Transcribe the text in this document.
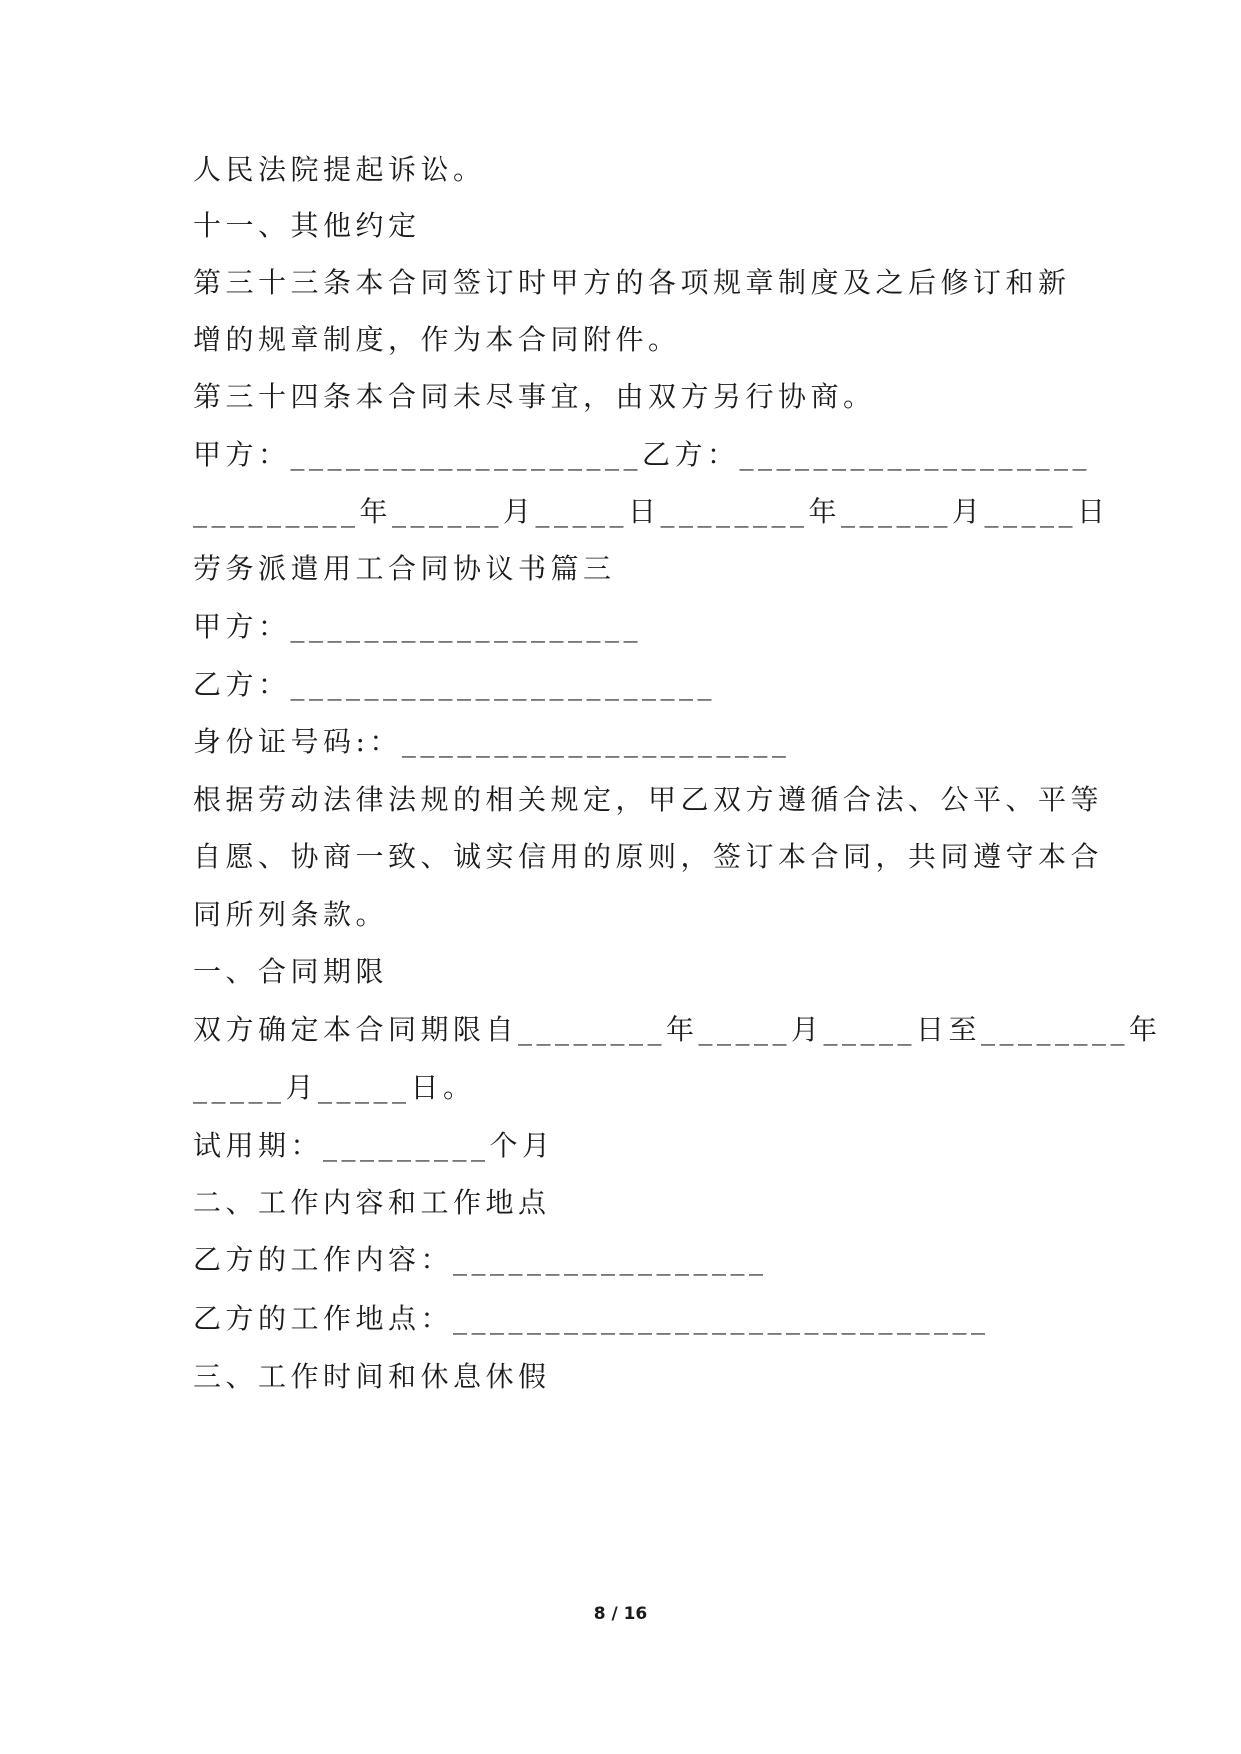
人民法院提起诉讼。
十一、其他约定
第三十三条本合同签订时甲方的各项规章制度及之后修订和新
增的规章制度，作为本合同附件。
第三十四条本合同未尽事宜，由双方另行协商。
甲方：___________________乙方：___________________
_________年______月_____日________年______月_____日
劳务派遣用工合同协议书篇三
甲方：___________________
乙方：_______________________
身份证号码:：_____________________
根据劳动法律法规的相关规定，甲乙双方遵循合法、公平、平等
自愿、协商一致、诚实信用的原则，签订本合同，共同遵守本合
同所列条款。
一、合同期限
双方确定本合同期限自________年_____月_____日至________年
_____月_____日。
试用期：_________个月
二、工作内容和工作地点
乙方的工作内容：_________________
乙方的工作地点：_____________________________
三、工作时间和休息休假
8 / 16
